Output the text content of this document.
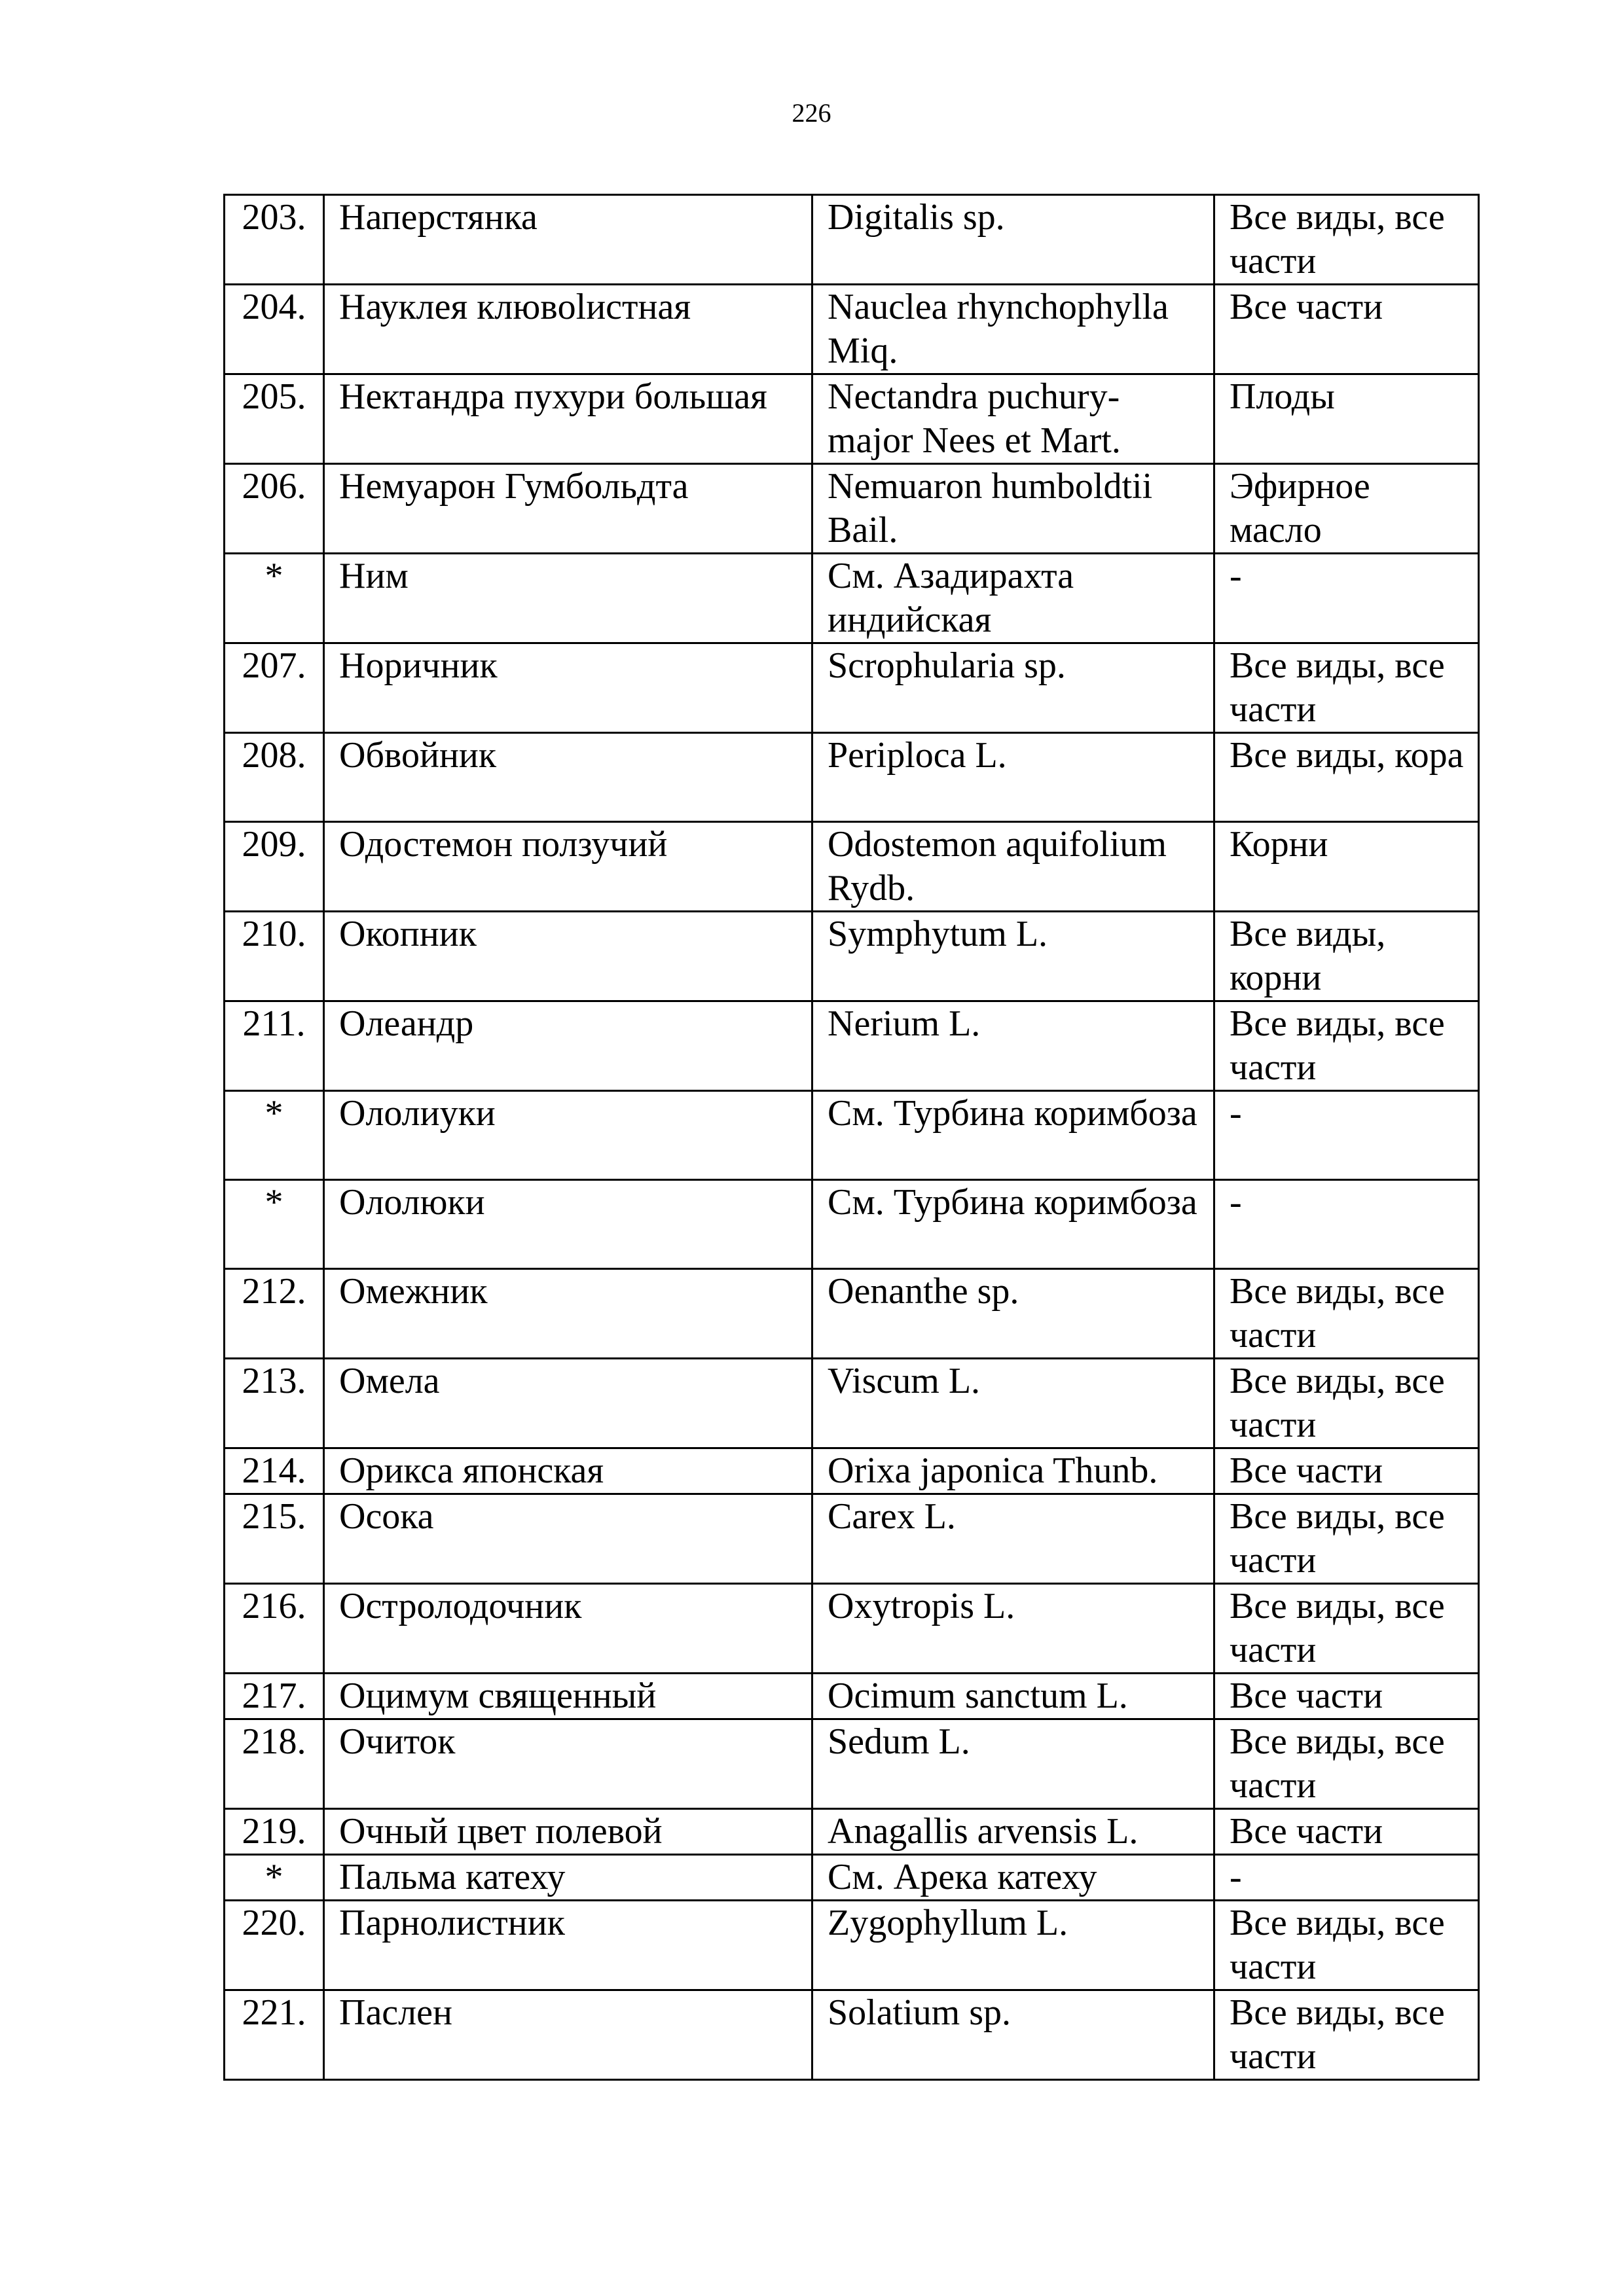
226
203.	Наперстянка	Digitalis sp.	Все виды, все части
204.	Науклея клювolистная	Nauclea rhynchophylla Miq.	Все части
205.	Нектандра пухури большая	Nectandra puchury-major Nees et Mart.	Плоды
206.	Немуарон Гумбольдта	Nemuaron humboldtii Bail.	Эфирное масло
*	Ним	См. Азадирахта индийская	-
207.	Норичник	Scrophularia sp.	Все виды, все части
208.	Обвойник	Periploca L.	Все виды, кора
209.	Одостемон ползучий	Odostemon aquifolium Rydb.	Корни
210.	Окопник	Symphytum L.	Все виды, корни
211.	Олеандр	Nerium L.	Все виды, все части
*	Ололиуки	См. Турбина коримбоза	-
*	Ололюки	См. Турбина коримбоза	-
212.	Омежник	Oenanthe sp.	Все виды, все части
213.	Омела	Viscum L.	Все виды, все части
214.	Орикса японская	Orixa japonica Thunb.	Все части
215.	Осока	Carex L.	Все виды, все части
216.	Остролодочник	Oxytropis L.	Все виды, все части
217.	Оцимум священный	Ocimum sanctum L.	Все части
218.	Очиток	Sedum L.	Все виды, все части
219.	Очный цвет полевой	Anagallis arvensis L.	Все части
*	Пальма катеху	См. Арека катеху	-
220.	Парнолистник	Zygophyllum L.	Все виды, все части
221.	Паслен	Solatium sp.	Все виды, все части
